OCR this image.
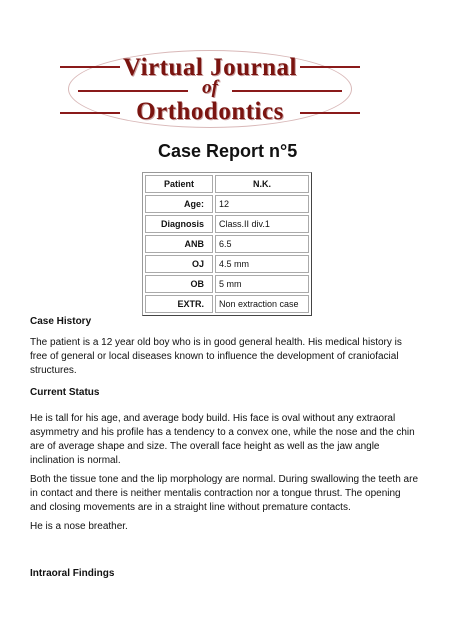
Virtual Journal
of
Orthodontics
Case Report n°5
Patient	N.K.
Age:	12
Diagnosis	Class.II div.1
ANB	6.5
OJ	4.5 mm
OB	5 mm
EXTR.	Non extraction case
Case History

The patient is a 12 year old boy who is in good general health. His medical history is free of general or local diseases known to influence the development of craniofacial structures.

Current Status

He is tall for his age, and average body build. His face is oval without any extraoral asymmetry and his profile has a tendency to a convex one, while the nose and the chin are of average shape and size. The overall face height as well as the jaw angle inclination is normal.

Both the tissue tone and the lip morphology are normal. During swallowing the teeth are in contact and there is neither mentalis contraction nor a tongue thrust. The opening and closing movements are in a straight line without premature contacts.

He is a nose breather.

Intraoral Findings
